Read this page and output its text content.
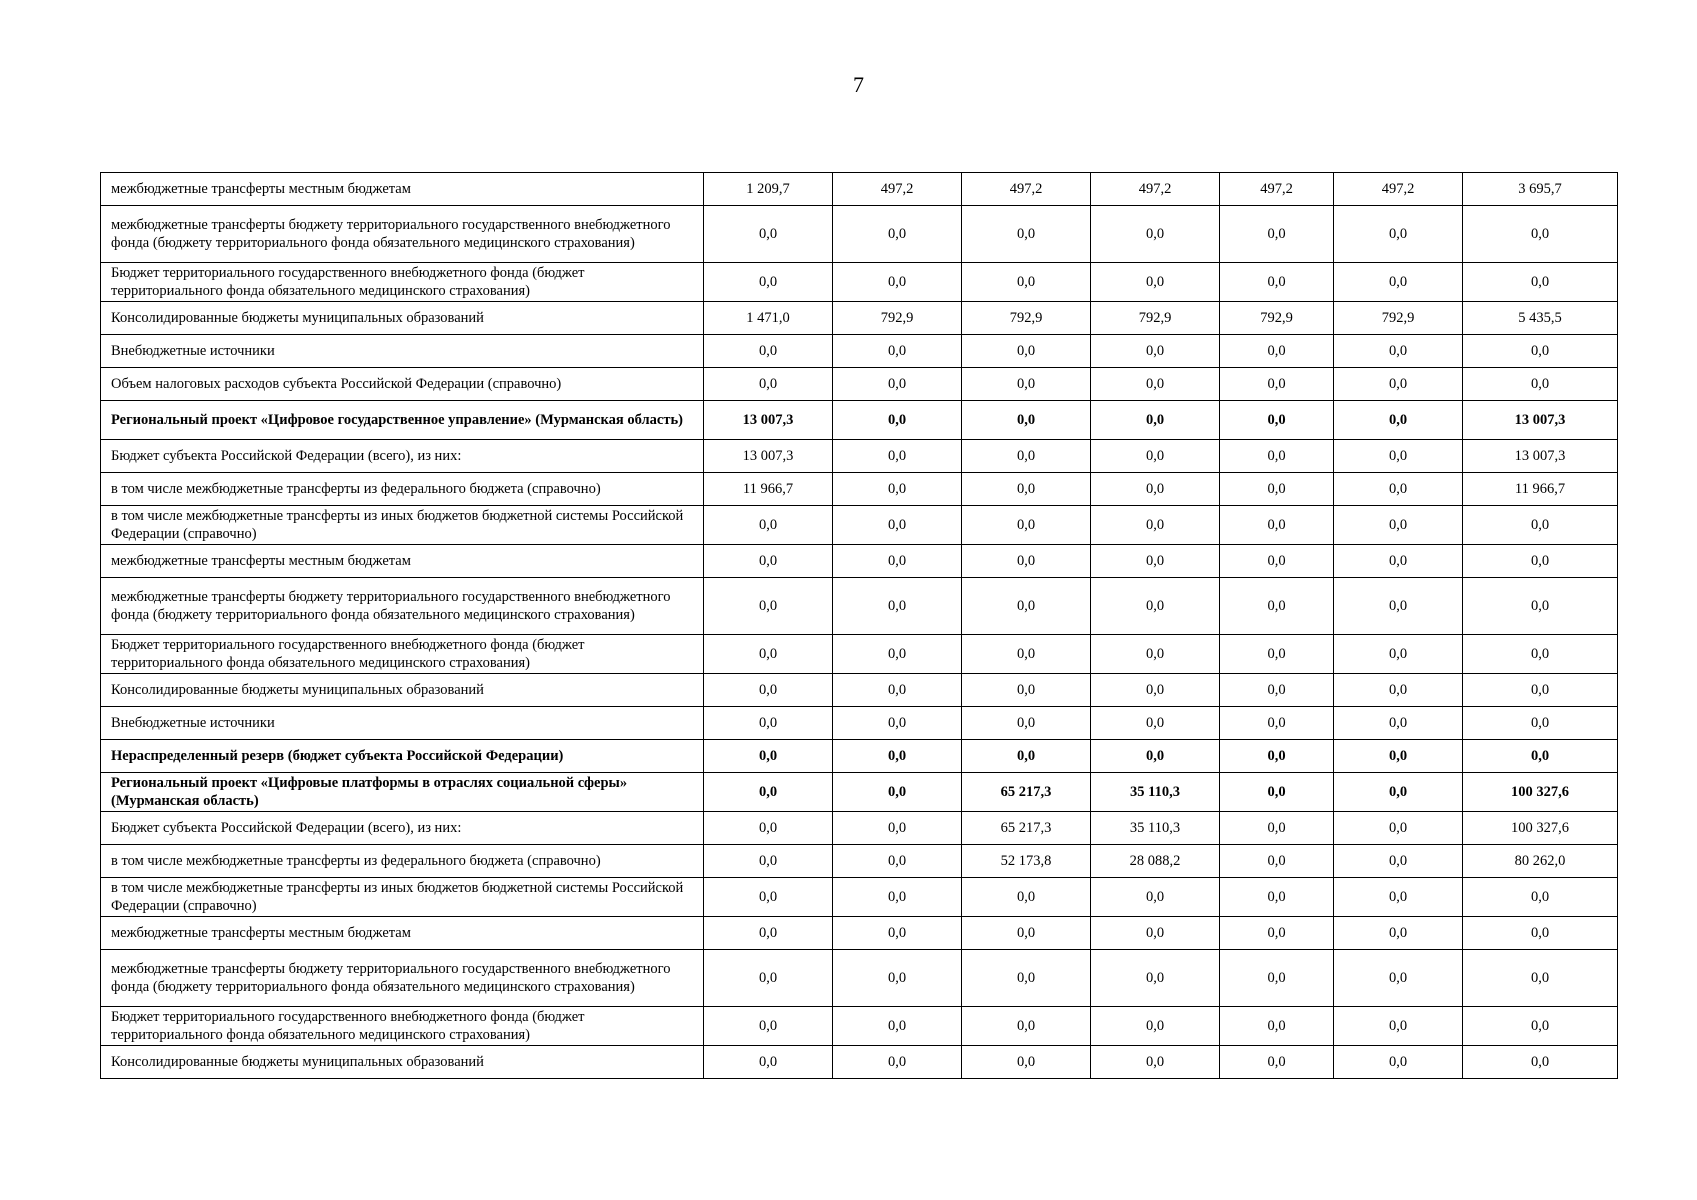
7
межбюджетные трансферты местным бюджетам	1 209,7	497,2	497,2	497,2	497,2	497,2	3 695,7
межбюджетные трансферты бюджету территориального государственного внебюджетного фонда (бюджету территориального фонда обязательного медицинского страхования)	0,0	0,0	0,0	0,0	0,0	0,0	0,0
Бюджет территориального государственного внебюджетного фонда (бюджет территориального фонда обязательного медицинского страхования)	0,0	0,0	0,0	0,0	0,0	0,0	0,0
Консолидированные бюджеты муниципальных образований	1 471,0	792,9	792,9	792,9	792,9	792,9	5 435,5
Внебюджетные источники	0,0	0,0	0,0	0,0	0,0	0,0	0,0
Объем налоговых расходов субъекта Российской Федерации (справочно)	0,0	0,0	0,0	0,0	0,0	0,0	0,0
Региональный проект «Цифровое государственное управление» (Мурманская область)	13 007,3	0,0	0,0	0,0	0,0	0,0	13 007,3
Бюджет субъекта Российской Федерации (всего), из них:	13 007,3	0,0	0,0	0,0	0,0	0,0	13 007,3
в том числе межбюджетные трансферты из федерального бюджета (справочно)	11 966,7	0,0	0,0	0,0	0,0	0,0	11 966,7
в том числе межбюджетные трансферты из иных бюджетов бюджетной системы Российской Федерации (справочно)	0,0	0,0	0,0	0,0	0,0	0,0	0,0
межбюджетные трансферты местным бюджетам	0,0	0,0	0,0	0,0	0,0	0,0	0,0
межбюджетные трансферты бюджету территориального государственного внебюджетного фонда (бюджету территориального фонда обязательного медицинского страхования)	0,0	0,0	0,0	0,0	0,0	0,0	0,0
Бюджет территориального государственного внебюджетного фонда (бюджет территориального фонда обязательного медицинского страхования)	0,0	0,0	0,0	0,0	0,0	0,0	0,0
Консолидированные бюджеты муниципальных образований	0,0	0,0	0,0	0,0	0,0	0,0	0,0
Внебюджетные источники	0,0	0,0	0,0	0,0	0,0	0,0	0,0
Нераспределенный резерв (бюджет субъекта Российской Федерации)	0,0	0,0	0,0	0,0	0,0	0,0	0,0
Региональный проект «Цифровые платформы в отраслях социальной сферы» (Мурманская область)	0,0	0,0	65 217,3	35 110,3	0,0	0,0	100 327,6
Бюджет субъекта Российской Федерации (всего), из них:	0,0	0,0	65 217,3	35 110,3	0,0	0,0	100 327,6
в том числе межбюджетные трансферты из федерального бюджета (справочно)	0,0	0,0	52 173,8	28 088,2	0,0	0,0	80 262,0
в том числе межбюджетные трансферты из иных бюджетов бюджетной системы Российской Федерации (справочно)	0,0	0,0	0,0	0,0	0,0	0,0	0,0
межбюджетные трансферты местным бюджетам	0,0	0,0	0,0	0,0	0,0	0,0	0,0
межбюджетные трансферты бюджету территориального государственного внебюджетного фонда (бюджету территориального фонда обязательного медицинского страхования)	0,0	0,0	0,0	0,0	0,0	0,0	0,0
Бюджет территориального государственного внебюджетного фонда (бюджет территориального фонда обязательного медицинского страхования)	0,0	0,0	0,0	0,0	0,0	0,0	0,0
Консолидированные бюджеты муниципальных образований	0,0	0,0	0,0	0,0	0,0	0,0	0,0
